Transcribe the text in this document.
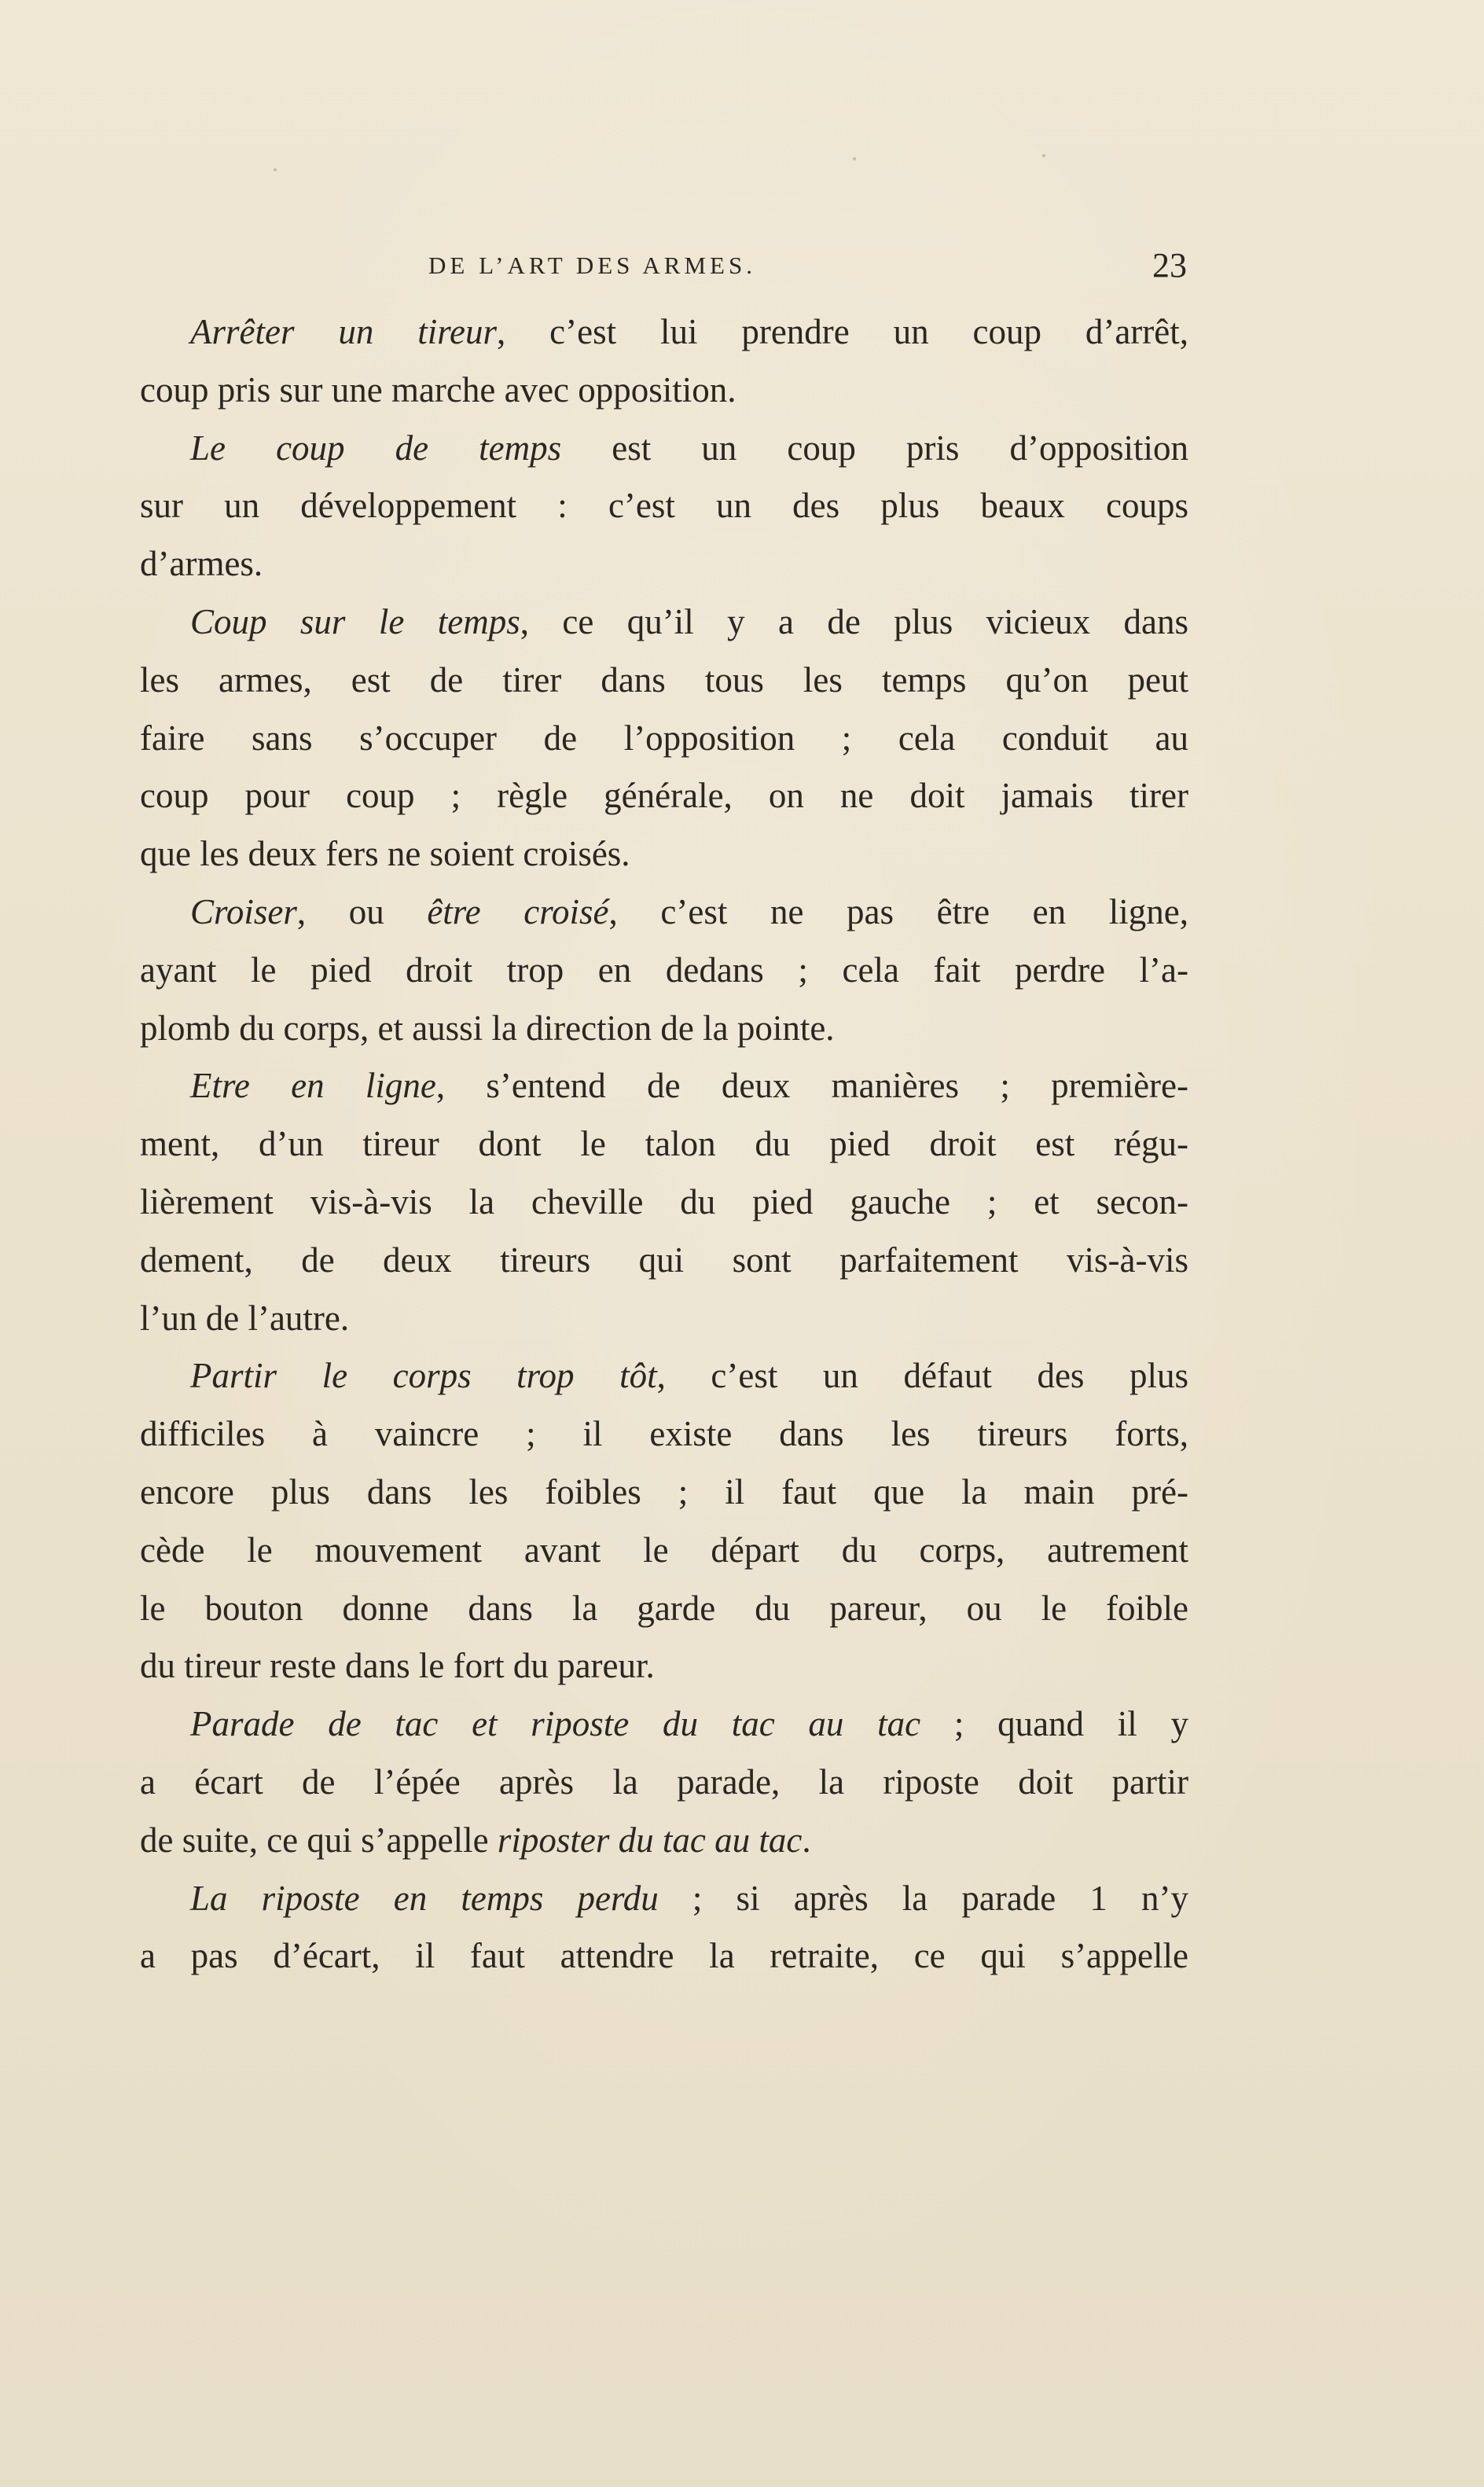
DE L’ART DES ARMES.	23
Arrêter un tireur, c’est lui prendre un coup d’arrêt,
coup pris sur une marche avec opposition.
Le coup de temps est un coup pris d’opposition
sur un développement : c’est un des plus beaux coups
d’armes.
Coup sur le temps, ce qu’il y a de plus vicieux dans
les armes, est de tirer dans tous les temps qu’on peut
faire sans s’occuper de l’opposition ; cela conduit au
coup pour coup ; règle générale, on ne doit jamais tirer
que les deux fers ne soient croisés.
Croiser, ou être croisé, c’est ne pas être en ligne,
ayant le pied droit trop en dedans ; cela fait perdre l’a-
plomb du corps, et aussi la direction de la pointe.
Etre en ligne, s’entend de deux manières ; première-
ment, d’un tireur dont le talon du pied droit est régu-
lièrement vis-à-vis la cheville du pied gauche ; et secon-
dement, de deux tireurs qui sont parfaitement vis-à-vis
l’un de l’autre.
Partir le corps trop tôt, c’est un défaut des plus
difficiles à vaincre ; il existe dans les tireurs forts,
encore plus dans les foibles ; il faut que la main pré-
cède le mouvement avant le départ du corps, autrement
le bouton donne dans la garde du pareur, ou le foible
du tireur reste dans le fort du pareur.
Parade de tac et riposte du tac au tac ; quand il y
a écart de l’épée après la parade, la riposte doit partir
de suite, ce qui s’appelle riposter du tac au tac.
La riposte en temps perdu ; si après la parade 1 n’y
a pas d’écart, il faut attendre la retraite, ce qui s’appelle
